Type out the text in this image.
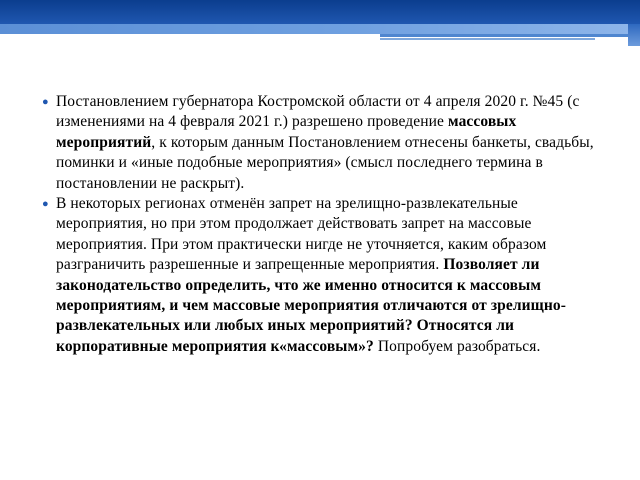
● Постановлением губернатора Костромской области от 4 апреля 2020 г. №45 (с изменениями на 4 февраля 2021 г.) разрешено проведение массовых мероприятий, к которым данным Постановлением отнесены банкеты, свадьбы, поминки и «иные подобные мероприятия» (смысл последнего термина в постановлении не раскрыт).

● В некоторых регионах отменён запрет на зрелищно-развлекательные мероприятия, но при этом продолжает действовать запрет на массовые мероприятия. При этом практически нигде не уточняется, каким образом разграничить разрешенные и запрещенные мероприятия. Позволяет ли законодательство определить, что же именно относится к массовым мероприятиям, и чем массовые мероприятия отличаются от зрелищно-развлекательных или любых иных мероприятий? Относятся ли корпоративные мероприятия к«массовым»? Попробуем разобраться.
